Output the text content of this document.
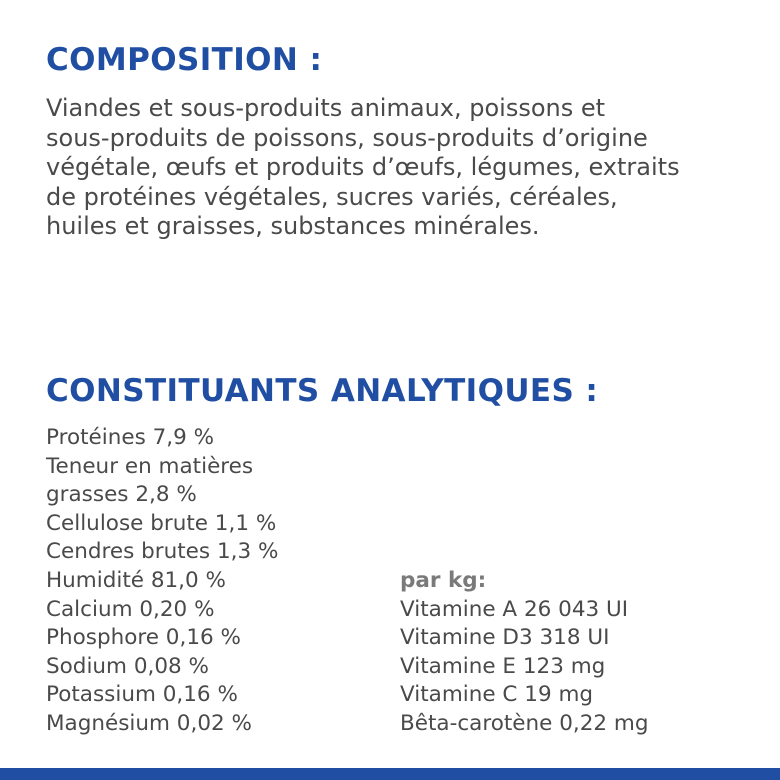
COMPOSITION :
Viandes et sous-produits animaux, poissons et
sous-produits de poissons, sous-produits d’origine
végétale, œufs et produits d’œufs, légumes, extraits
de protéines végétales, sucres variés, céréales,
huiles et graisses, substances minérales.
CONSTITUANTS ANALYTIQUES :
Protéines 7,9 %
Teneur en matières
grasses 2,8 %
Cellulose brute 1,1 %
Cendres brutes 1,3 %
Humidité 81,0 %
Calcium 0,20 %
Phosphore 0,16 %
Sodium 0,08 %
Potassium 0,16 %
Magnésium 0,02 %
par kg:
Vitamine A 26 043 UI
Vitamine D3 318 UI
Vitamine E 123 mg
Vitamine C 19 mg
Bêta-carotène 0,22 mg
